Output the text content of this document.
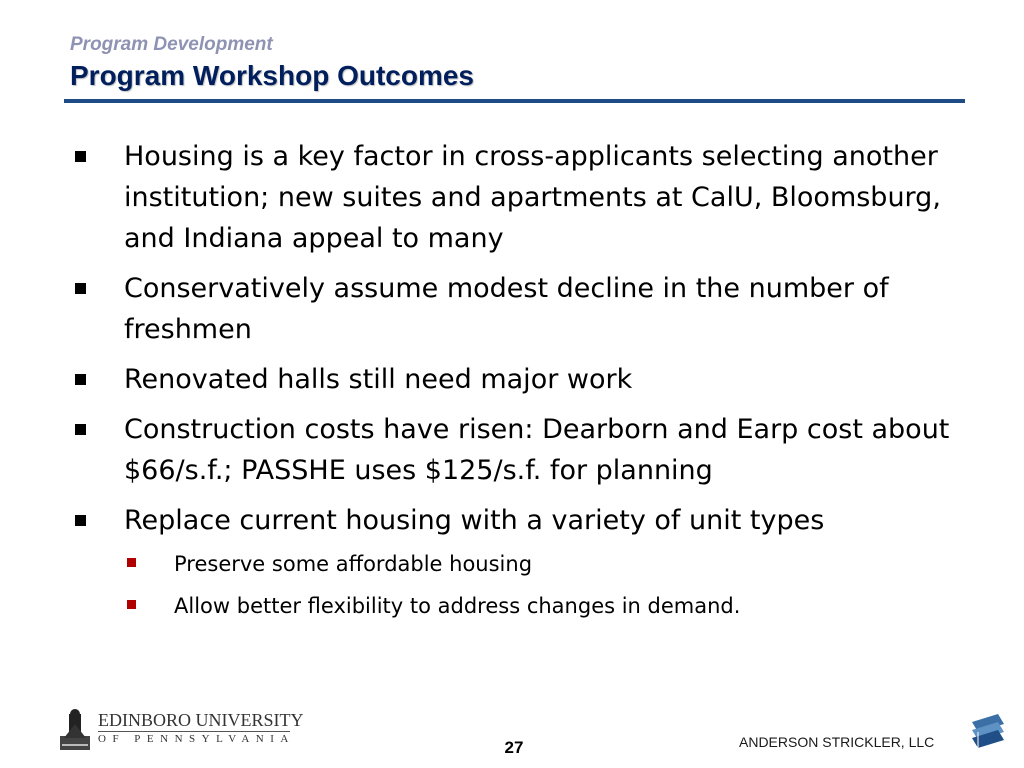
Program Development
Program Workshop Outcomes
Housing is a key factor in cross-applicants selecting another institution; new suites and apartments at CalU, Bloomsburg, and Indiana appeal to many
Conservatively assume modest decline in the number of freshmen
Renovated halls still need major work
Construction costs have risen: Dearborn and Earp cost about $66/s.f.; PASSHE uses $125/s.f. for planning
Replace current housing with a variety of unit types
Preserve some affordable housing
Allow better flexibility to address changes in demand.
EDINBORO UNIVERSITY
OF PENNSYLVANIA	27	ANDERSON STRICKLER, LLC
